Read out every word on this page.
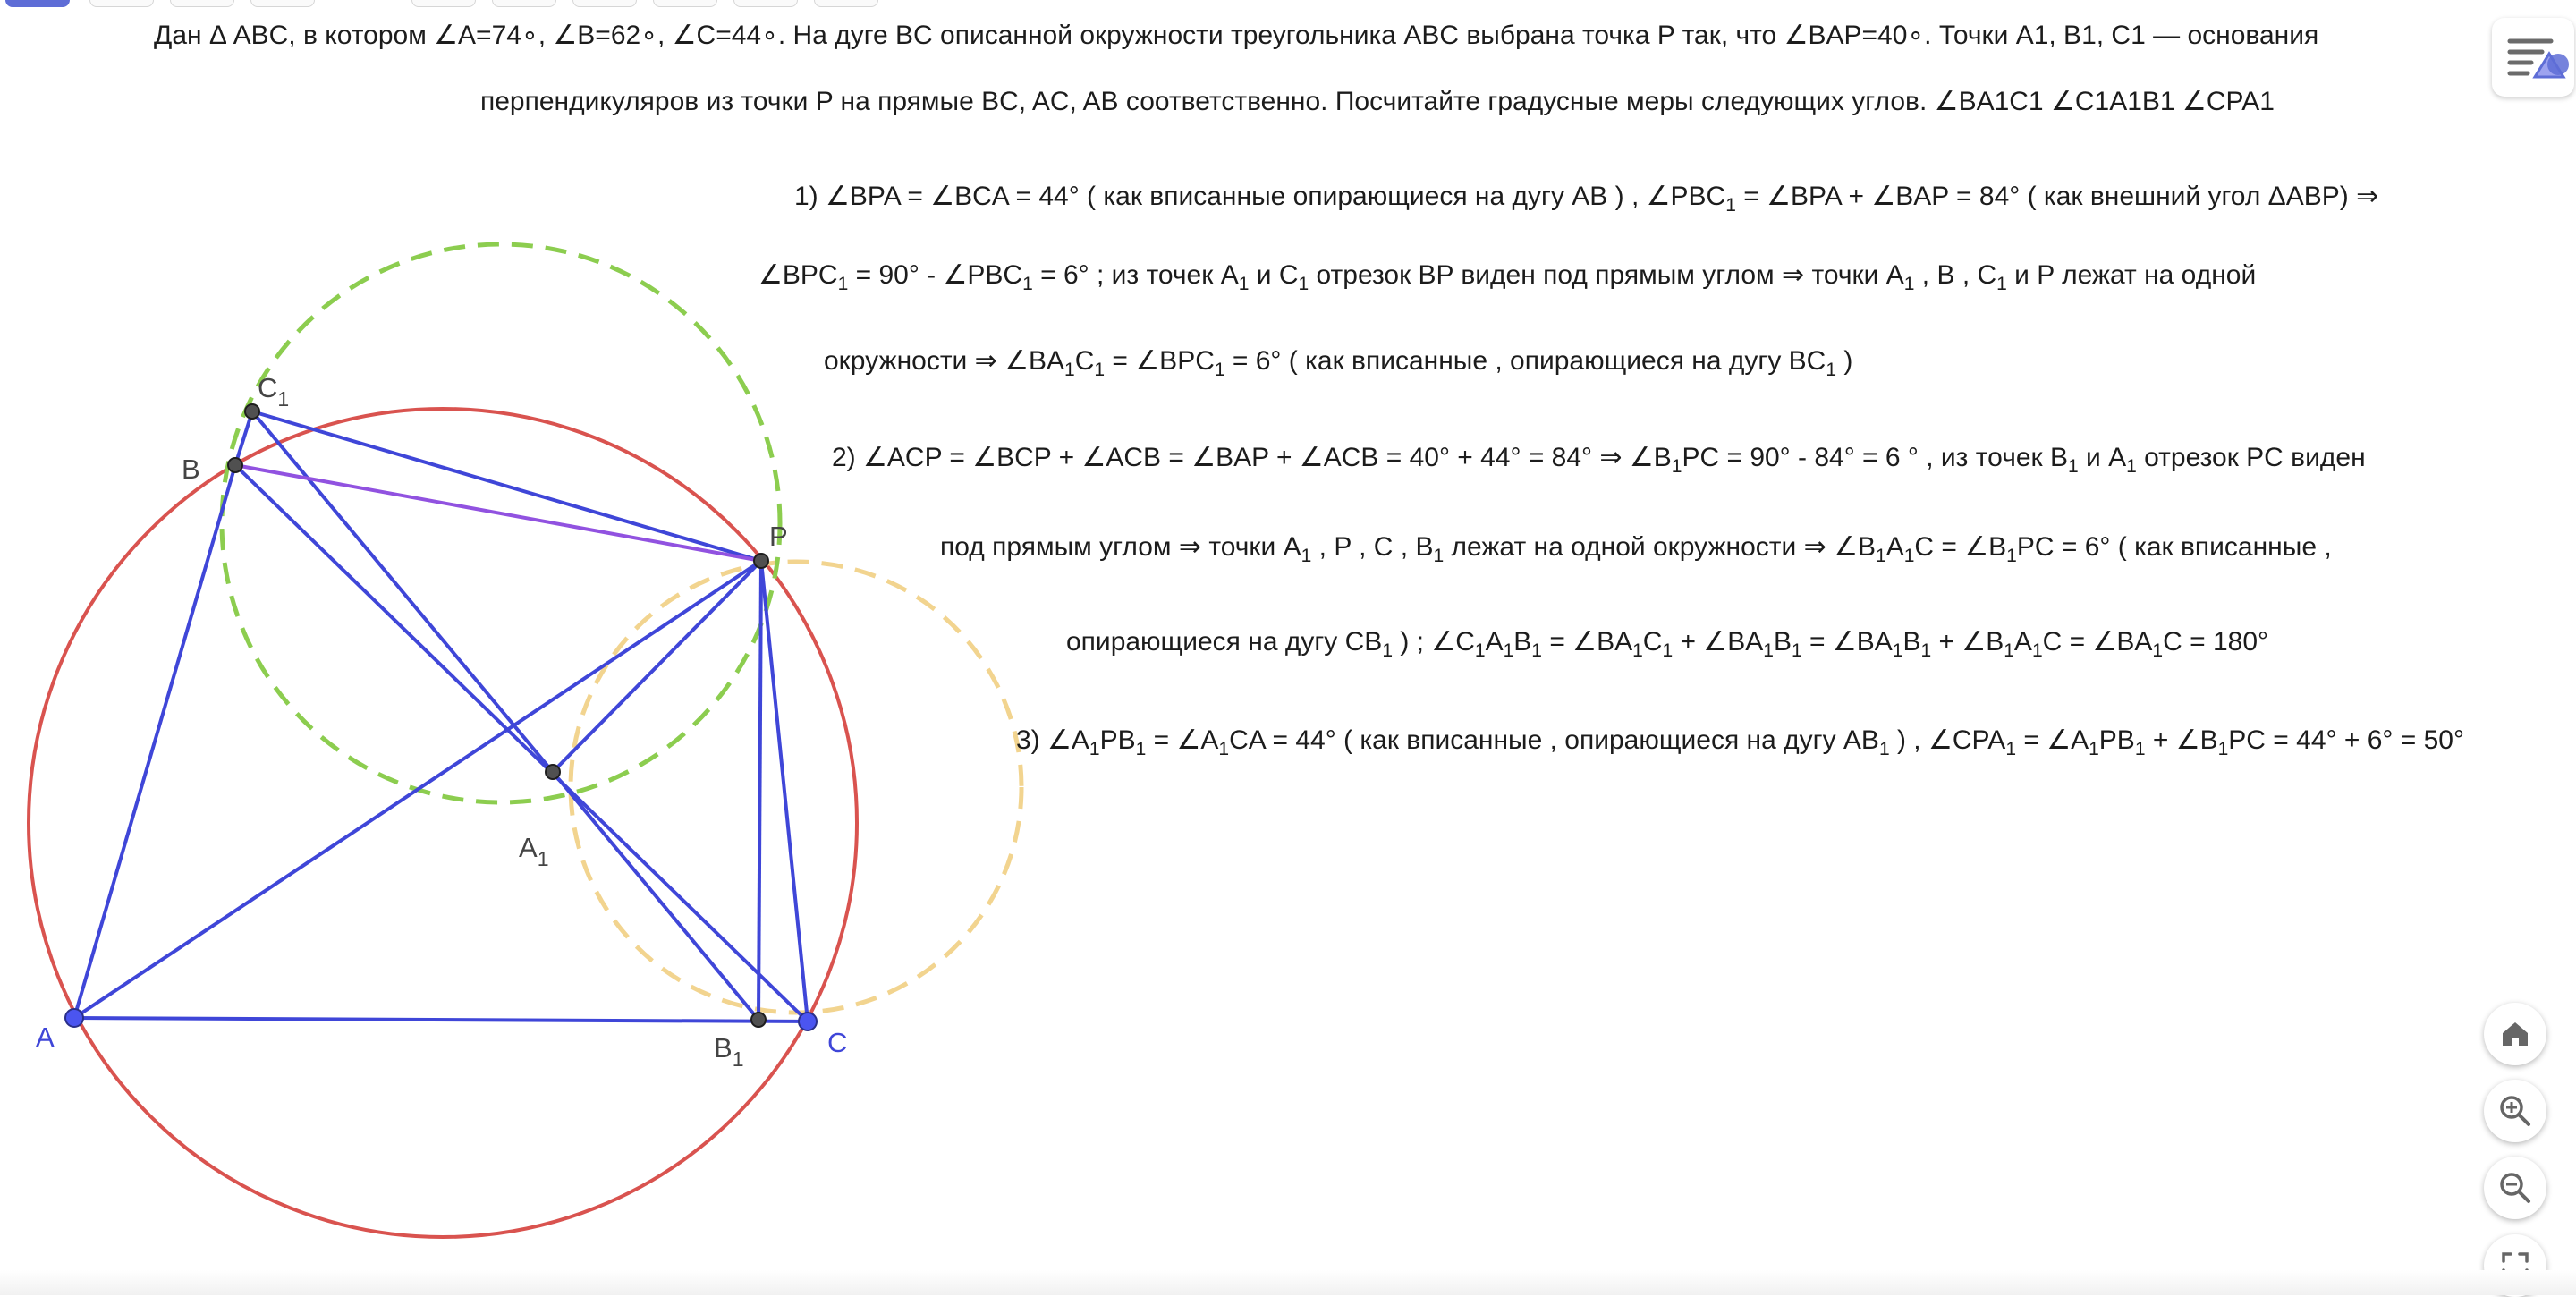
A	C
B
P
$C_1$
$A_1$
$B_1$
Дан Δ ABC, в котором ∠A=74∘, ∠B=62∘, ∠C=44∘. На дуге BC описанной окружности треугольника ABC выбрана точка P так, что ∠BAP=40∘. Точки A1, B1, C1 — основания
перпендикуляров из точки P на прямые BC, AC, AB соответственно. Посчитайте градусные меры следующих углов. ∠BA1C1 ∠C1A1B1 ∠CPA1
1) ∠BPA = ∠BCA = 44° ( как вписанные опирающиеся на дугу AB ) , $\angle PBC_1$ = ∠BPA + ∠BAP = 84° ( как внешний угол ΔABP) ⇒
$\angle BPC_1 = 90^\circ$ - $\angle PBC_1 = 6^\circ$ ; из точек $A_1$ и $C_1$ отрезок BP виден под прямым углом ⇒ точки $A_1$ , B , $C_1$ и P лежат на одной
окружности ⇒ $\angle BA_1C_1$ = $\angle BPC_1 = 6^\circ$ ( как вписанные , опирающиеся на дугу $BC_1$ )
2) ∠ACP = ∠BCP + ∠ACB = ∠BAP + ∠ACB = 40° + 44° = 84° ⇒ $\angle B_1PC = 90^\circ - 84^\circ = 6$ ° , из точек $B_1$ и $A_1$ отрезок PC виден
под прямым углом ⇒ точки $A_1$ , P , C , $B_1$ лежат на одной окружности ⇒ $\angle B_1A_1C$ = $\angle B_1PC = 6^\circ$ ( как вписанные ,
опирающиеся на дугу $CB_1$ ) ; $\angle C_1A_1B_1$ = $\angle BA_1C_1$ + $\angle BA_1B_1$ = $\angle BA_1B_1$ + $\angle B_1A_1C$ = $\angle BA_1C = 180^\circ$
3) $\angle A_1PB_1$ = $\angle A_1CA = 44^\circ$ ( как вписанные , опирающиеся на дугу $AB_1$ ) , $\angle CPA_1$ = $\angle A_1PB_1$ + $\angle B_1PC = 44^\circ + 6^\circ = 50^\circ$
